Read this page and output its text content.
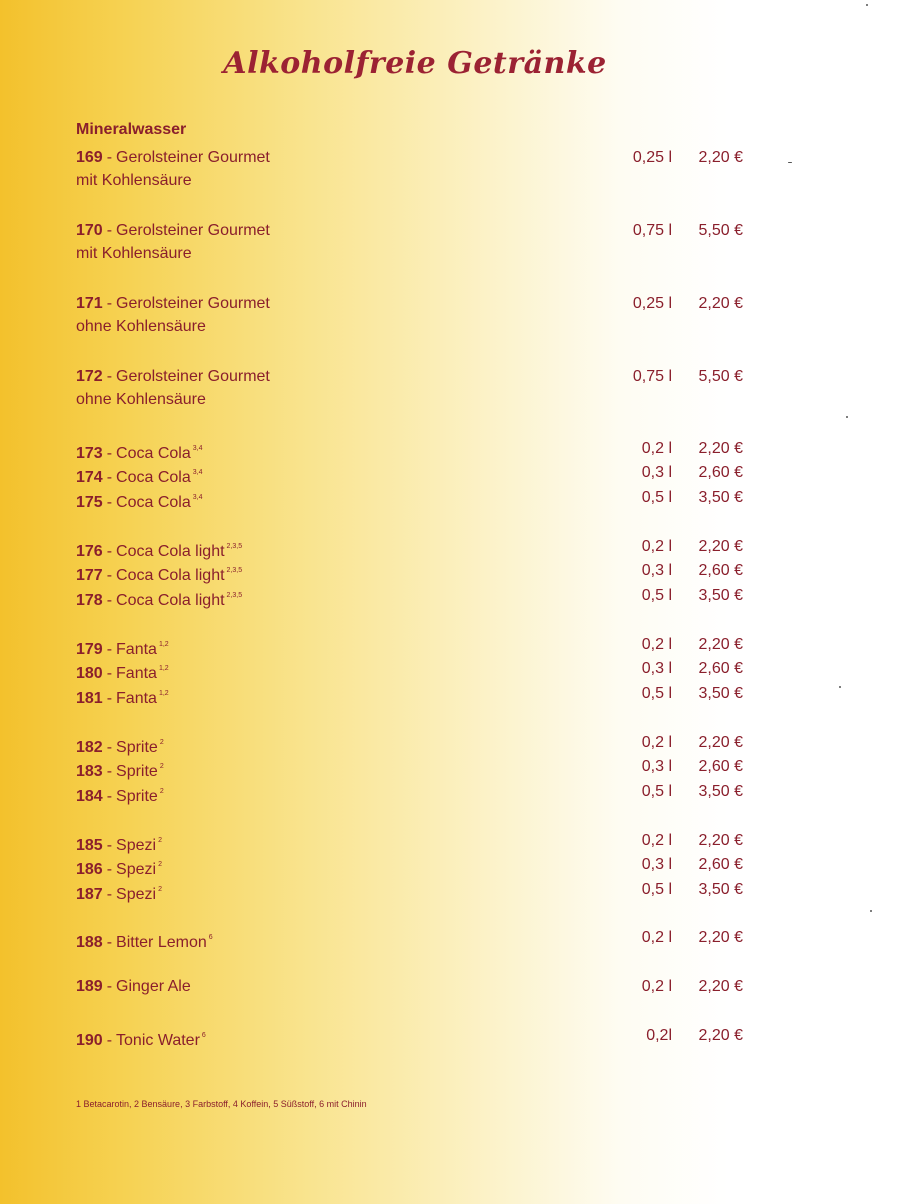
Alkoholfreie Getränke
Mineralwasser
169 - Gerolsteiner Gourmet	0,25 l	2,20 €
mit Kohlensäure
170 - Gerolsteiner Gourmet	0,75 l	5,50 €
mit Kohlensäure
171 - Gerolsteiner Gourmet	0,25 l	2,20 €
ohne Kohlensäure
172 - Gerolsteiner Gourmet	0,75 l	5,50 €
ohne Kohlensäure
173 - Coca Cola $^{3,4}$	0,2 l	2,20 €
174 - Coca Cola $^{3,4}$	0,3 l	2,60 €
175 - Coca Cola $^{3,4}$	0,5 l	3,50 €
176 - Coca Cola light $^{2,3,5}$	0,2 l	2,20 €
177 - Coca Cola light $^{2,3,5}$	0,3 l	2,60 €
178 - Coca Cola light $^{2,3,5}$	0,5 l	3,50 €
179 - Fanta $^{1,2}$	0,2 l	2,20 €
180 - Fanta $^{1,2}$	0,3 l	2,60 €
181 - Fanta $^{1,2}$	0,5 l	3,50 €
182 - Sprite $^2$	0,2 l	2,20 €
183 - Sprite $^2$	0,3 l	2,60 €
184 - Sprite $^2$	0,5 l	3,50 €
185 - Spezi $^2$	0,2 l	2,20 €
186 - Spezi $^2$	0,3 l	2,60 €
187 - Spezi $^2$	0,5 l	3,50 €
188 - Bitter Lemon $^6$	0,2 l	2,20 €
189 - Ginger Ale	0,2 l	2,20 €
190 - Tonic Water $^6$	0,2l	2,20 €
1 Betacarotin, 2 Bensäure, 3 Farbstoff, 4 Koffein, 5 Süßstoff, 6 mit Chinin
